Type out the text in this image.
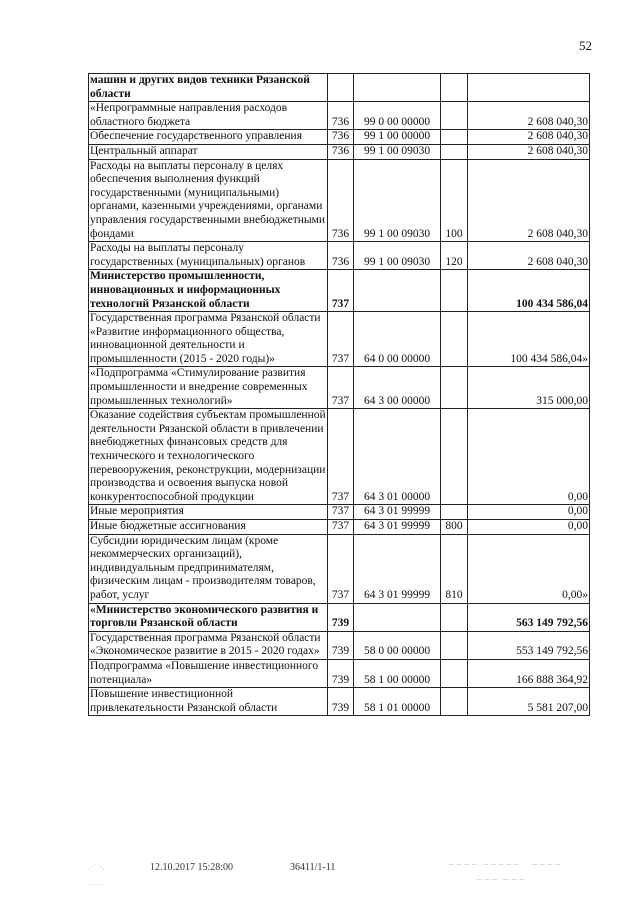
52
машин и других видов техники Рязанской области				
«Непрограммные направления расходов областного бюджета	736	99 0 00 00000		2 608 040,30
Обеспечение государственного управления	736	99 1 00 00000		2 608 040,30
Центральный аппарат	736	99 1 00 09030		2 608 040,30
Расходы на выплаты персоналу в целях обеспечения выполнения функций государственными (муниципальными) органами, казенными учреждениями, органами управления государственными внебюджетными фондами	736	99 1 00 09030	100	2 608 040,30
Расходы на выплаты персоналу государственных (муниципальных) органов	736	99 1 00 09030	120	2 608 040,30
Министерство промышленности, инновационных и информационных технологий Рязанской области	737			100 434 586,04
Государственная программа Рязанской области «Развитие информационного общества, инновационной деятельности и промышленности (2015 - 2020 годы)»	737	64 0 00 00000		100 434 586,04»
«Подпрограмма «Стимулирование развития промышленности и внедрение современных промышленных технологий»	737	64 3 00 00000		315 000,00
Оказание содействия субъектам промышленной деятельности Рязанской области в привлечении внебюджетных финансовых средств для технического и технологического перевооружения, реконструкции, модернизации производства и освоения выпуска новой конкурентоспособной продукции	737	64 3 01 00000		0,00
Иные мероприятия	737	64 3 01 99999		0,00
Иные бюджетные ассигнования	737	64 3 01 99999	800	0,00
Субсидии юридическим лицам (кроме некоммерческих организаций), индивидуальным предпринимателям, физическим лицам - производителям товаров, работ, услуг	737	64 3 01 99999	810	0,00»
«Министерство экономического развития и торговли Рязанской области	739			563 149 792,56
Государственная программа Рязанской области «Экономическое развитие в 2015 - 2020 годах»	739	58 0 00 00000		553 149 792,56
Подпрограмма «Повышение инвестиционного потенциала»	739	58 1 00 00000		166 888 364,92
Повышение инвестиционной привлекательности Рязанской области	739	58 1 01 00000		5 581 207,00
12.10.2017 15:28:00	36411/1-11
⋰⋱
⋯⋯
~~~~ ~~~~~ · ~~~~
~~~ ~~~
